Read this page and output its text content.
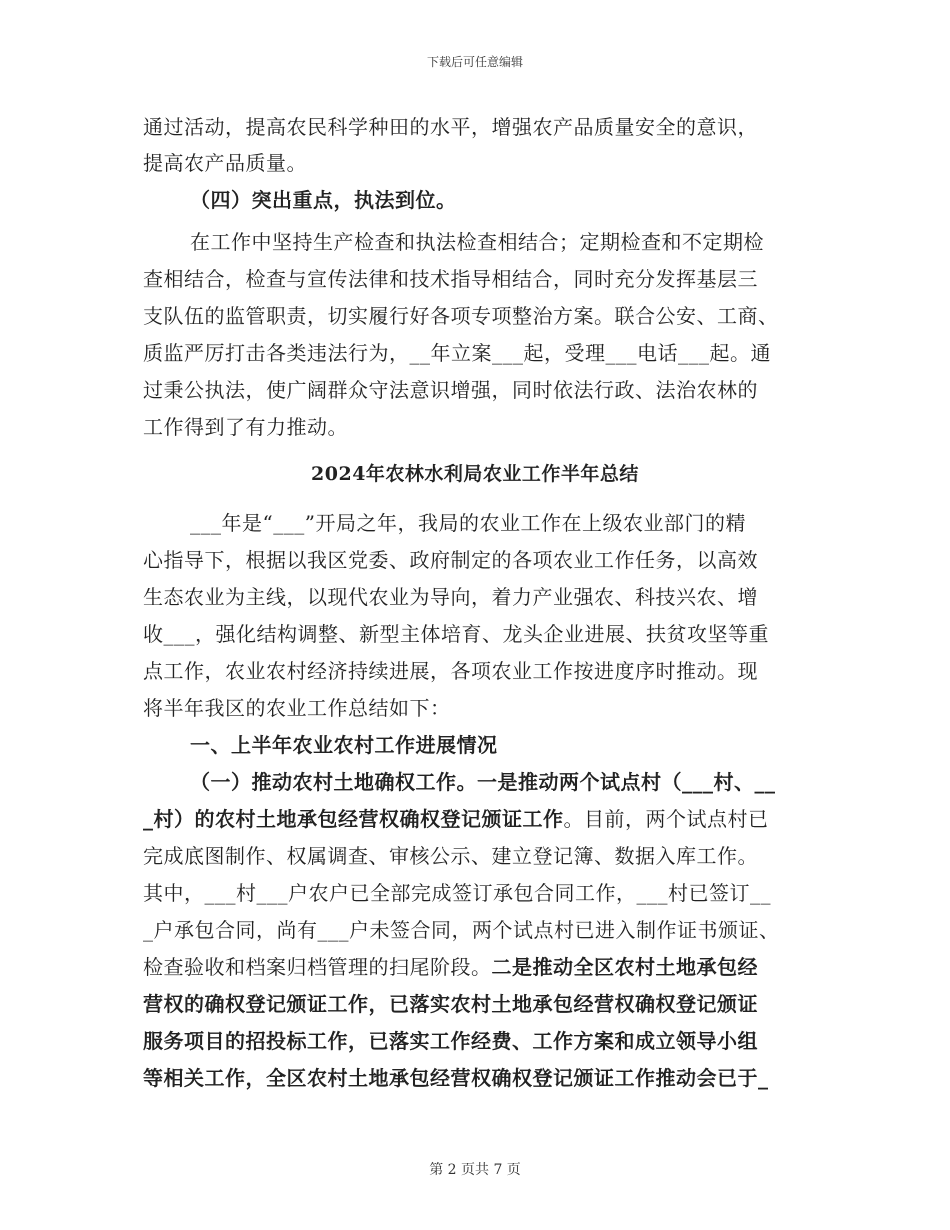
下载后可任意编辑
通过活动，提高农民科学种田的水平，增强农产品质量安全的意识，
提高农产品质量。
（四）突出重点，执法到位。
在工作中坚持生产检查和执法检查相结合；定期检查和不定期检
查相结合，检查与宣传法律和技术指导相结合，同时充分发挥基层三
支队伍的监管职责，切实履行好各项专项整治方案。联合公安、工商、
质监严厉打击各类违法行为，__年立案___起，受理___电话___起。通
过秉公执法，使广阔群众守法意识增强，同时依法行政、法治农林的
工作得到了有力推动。
2024年农林水利局农业工作半年总结
___年是“___”开局之年，我局的农业工作在上级农业部门的精
心指导下，根据以我区党委、政府制定的各项农业工作任务，以高效
生态农业为主线，以现代农业为导向，着力产业强农、科技兴农、增
收___，强化结构调整、新型主体培育、龙头企业进展、扶贫攻坚等重
点工作，农业农村经济持续进展，各项农业工作按进度序时推动。现
将半年我区的农业工作总结如下：
一、上半年农业农村工作进展情况
（一）推动农村土地确权工作。一是推动两个试点村（___村、__
_村）的农村土地承包经营权确权登记颁证工作。目前，两个试点村已
完成底图制作、权属调查、审核公示、建立登记簿、数据入库工作。
其中，___村___户农户已全部完成签订承包合同工作，___村已签订__
_户承包合同，尚有___户未签合同，两个试点村已进入制作证书颁证、
检查验收和档案归档管理的扫尾阶段。二是推动全区农村土地承包经
营权的确权登记颁证工作，已落实农村土地承包经营权确权登记颁证
服务项目的招投标工作，已落实工作经费、工作方案和成立领导小组
等相关工作，全区农村土地承包经营权确权登记颁证工作推动会已于_
第 2 页共 7 页
